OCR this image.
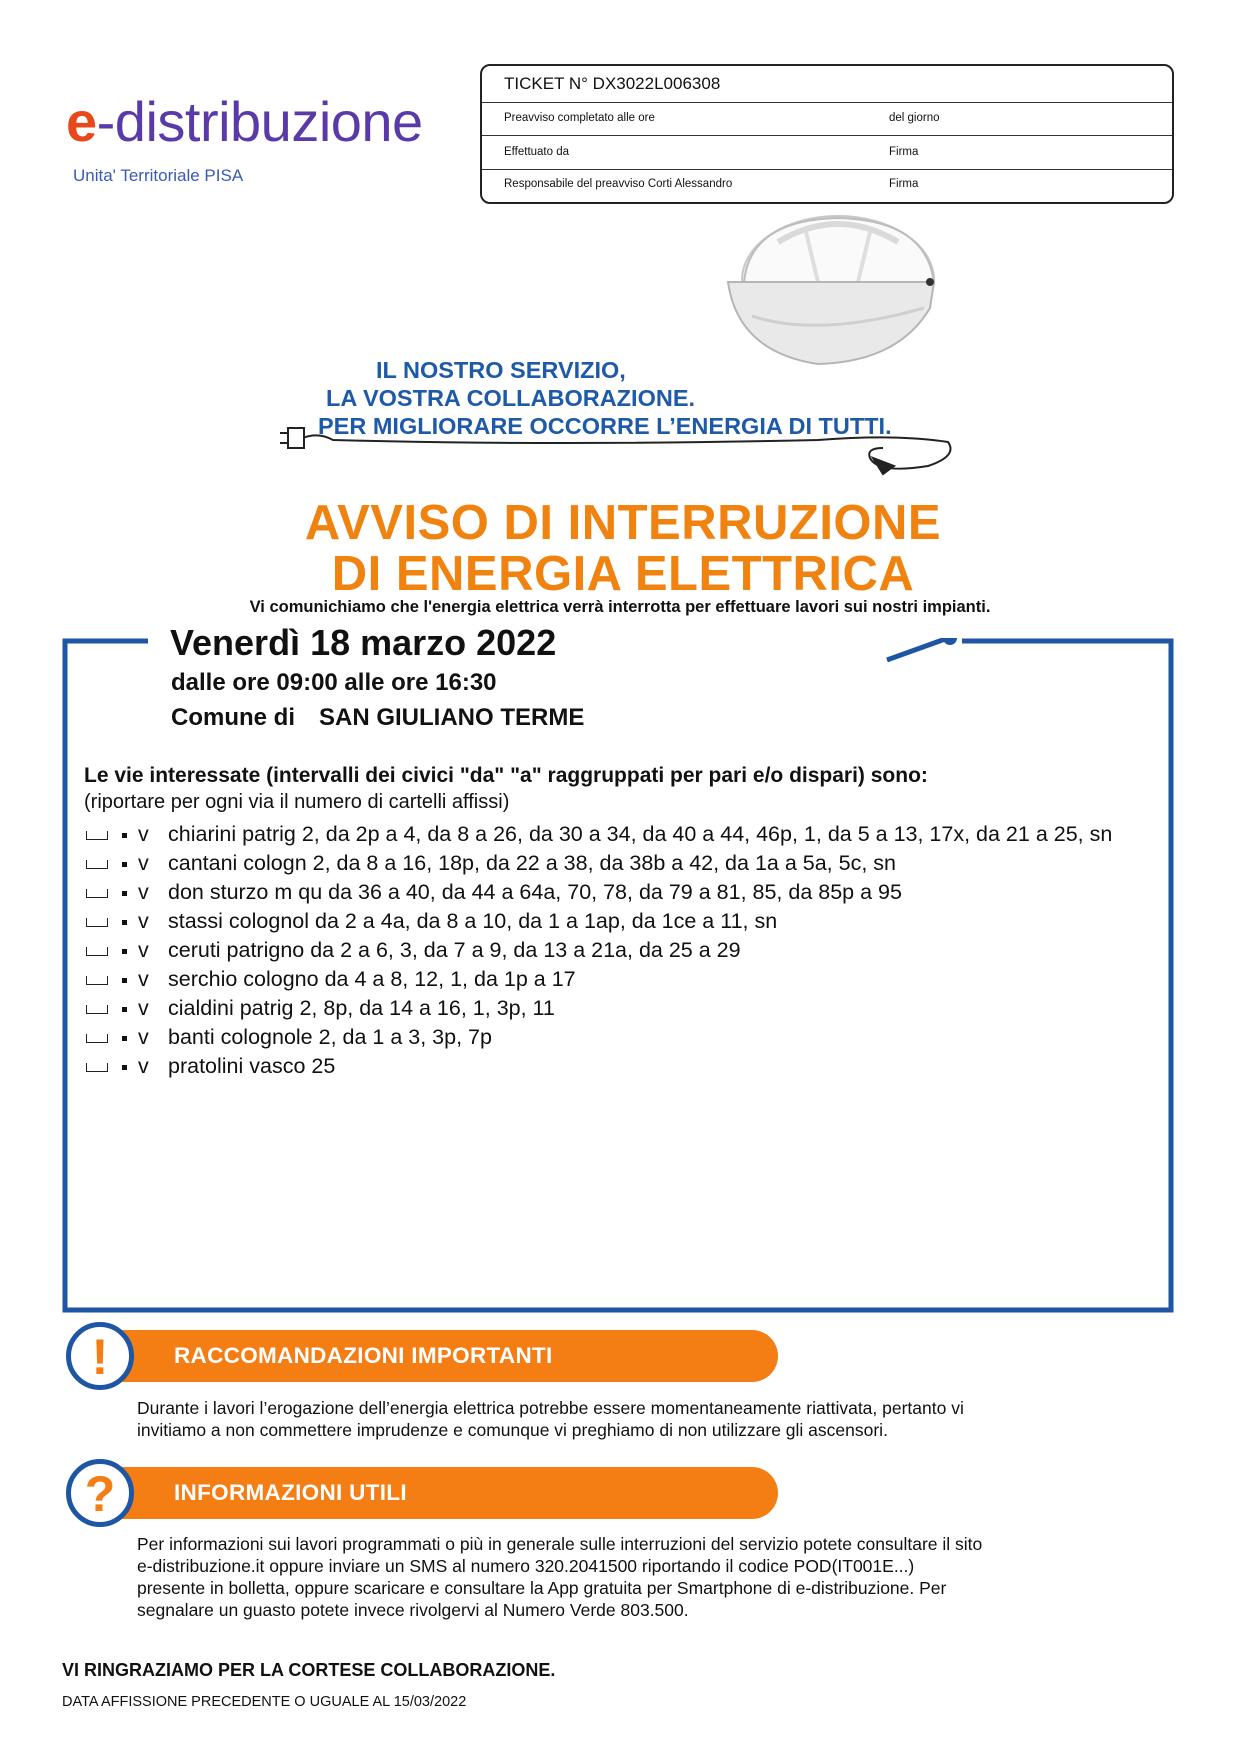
e-distribuzione
Unita' Territoriale PISA
TICKET N° DX3022L006308
Preavviso completato alle ore	del giorno
Effettuato da	Firma
Responsabile del preavviso Corti Alessandro	Firma
IL NOSTRO SERVIZIO,
LA VOSTRA COLLABORAZIONE.
PER MIGLIORARE OCCORRE L’ENERGIA DI TUTTI.
AVVISO DI INTERRUZIONE
DI ENERGIA ELETTRICA
Vi comunichiamo che l'energia elettrica verrà interrotta per effettuare lavori sui nostri impianti.
Venerdì 18 marzo 2022
dalle ore 09:00 alle ore 16:30
Comune di SAN GIULIANO TERME
Le vie interessate (intervalli dei civici "da" "a" raggruppati per pari e/o dispari) sono:
(riportare per ogni via il numero di cartelli affissi)
v chiarini patrig 2, da 2p a 4, da 8 a 26, da 30 a 34, da 40 a 44, 46p, 1, da 5 a 13, 17x, da 21 a 25, sn
v cantani cologn 2, da 8 a 16, 18p, da 22 a 38, da 38b a 42, da 1a a 5a, 5c, sn
v don sturzo m qu da 36 a 40, da 44 a 64a, 70, 78, da 79 a 81, 85, da 85p a 95
v stassi colognol da 2 a 4a, da 8 a 10, da 1 a 1ap, da 1ce a 11, sn
v ceruti patrigno da 2 a 6, 3, da 7 a 9, da 13 a 21a, da 25 a 29
v serchio cologno da 4 a 8, 12, 1, da 1p a 17
v cialdini patrig 2, 8p, da 14 a 16, 1, 3p, 11
v banti colognole 2, da 1 a 3, 3p, 7p
v pratolini vasco 25
RACCOMANDAZIONI IMPORTANTI
!
Durante i lavori l’erogazione dell’energia elettrica potrebbe essere momentaneamente riattivata, pertanto vi
invitiamo a non commettere imprudenze e comunque vi preghiamo di non utilizzare gli ascensori.
INFORMAZIONI UTILI
?
Per informazioni sui lavori programmati o più in generale sulle interruzioni del servizio potete consultare il sito
e-distribuzione.it oppure inviare un SMS al numero 320.2041500 riportando il codice POD(IT001E...)
presente in bolletta, oppure scaricare e consultare la App gratuita per Smartphone di e-distribuzione. Per
segnalare un guasto potete invece rivolgervi al Numero Verde 803.500.
VI RINGRAZIAMO PER LA CORTESE COLLABORAZIONE.
DATA AFFISSIONE PRECEDENTE O UGUALE AL 15/03/2022
